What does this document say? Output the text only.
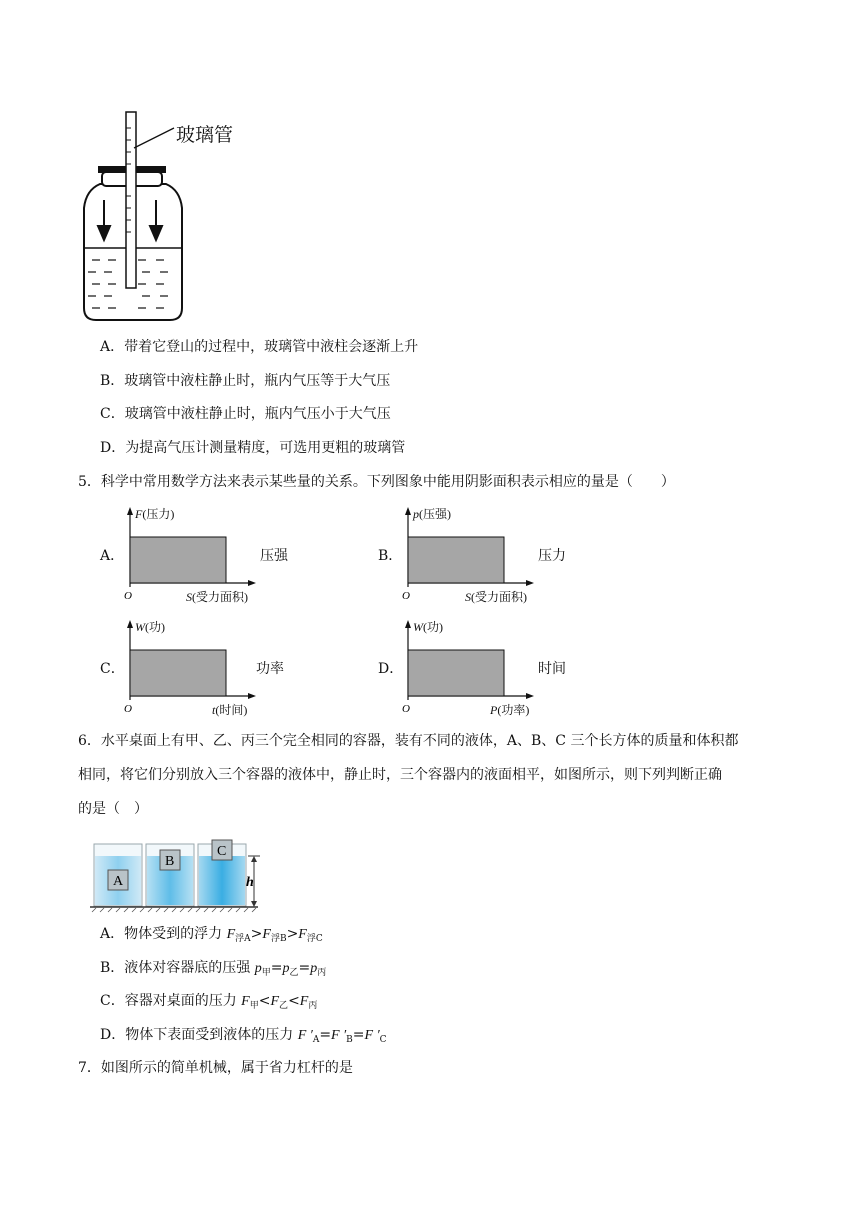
玻璃管
A．带着它登山的过程中，玻璃管中液柱会逐渐上升
B．玻璃管中液柱静止时，瓶内气压等于大气压
C．玻璃管中液柱静止时，瓶内气压小于大气压
D．为提高气压计测量精度，可选用更粗的玻璃管
5．科学中常用数学方法来表示某些量的关系。下列图象中能用阴影面积表示相应的量是（　　）
A．
O
F(压力)
S(受力面积)
压强	B．
O
p(压强)
S(受力面积)
压力
C．
O
W(功)
t(时间)
功率	D．
O
W(功)
P(功率)
时间
6．水平桌面上有甲、乙、丙三个完全相同的容器，装有不同的液体，A、B、C 三个长方体的质量和体积都
相同，将它们分别放入三个容器的液体中，静止时，三个容器内的液面相平，如图所示，则下列判断正确
的是（　）
A
B
C
h
A．物体受到的浮力 $F_{浮A}>F_{浮B}>F_{浮C}$
B．液体对容器底的压强 $p_甲=p_乙=p_丙$
C．容器对桌面的压力 $F_甲<F_乙<F_丙$
D．物体下表面受到液体的压力 F $'_A=F$ $'_B=F$ $'_C$
7．如图所示的简单机械，属于省力杠杆的是
